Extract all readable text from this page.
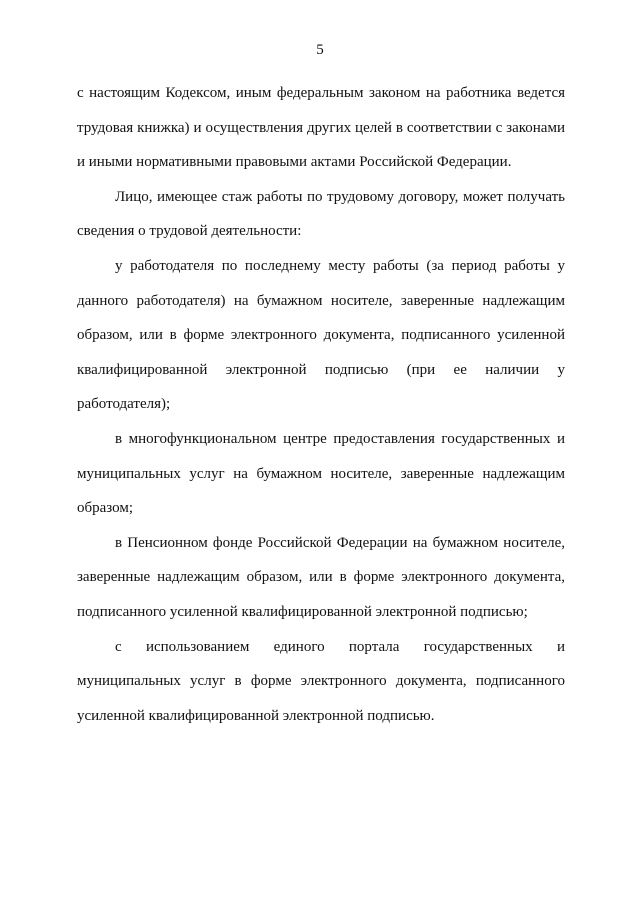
5

с настоящим Кодексом, иным федеральным законом на работника ведется трудовая книжка) и осуществления других целей в соответствии с законами и иными нормативными правовыми актами Российской Федерации.

Лицо, имеющее стаж работы по трудовому договору, может получать сведения о трудовой деятельности:

у работодателя по последнему месту работы (за период работы у данного работодателя) на бумажном носителе, заверенные надлежащим образом, или в форме электронного документа, подписанного усиленной квалифицированной электронной подписью (при ее наличии у работодателя);

в многофункциональном центре предоставления государственных и муниципальных услуг на бумажном носителе, заверенные надлежащим образом;

в Пенсионном фонде Российской Федерации на бумажном носителе, заверенные надлежащим образом, или в форме электронного документа, подписанного усиленной квалифицированной электронной подписью;

с использованием единого портала государственных и муниципальных услуг в форме электронного документа, подписанного усиленной квалифицированной электронной подписью.
